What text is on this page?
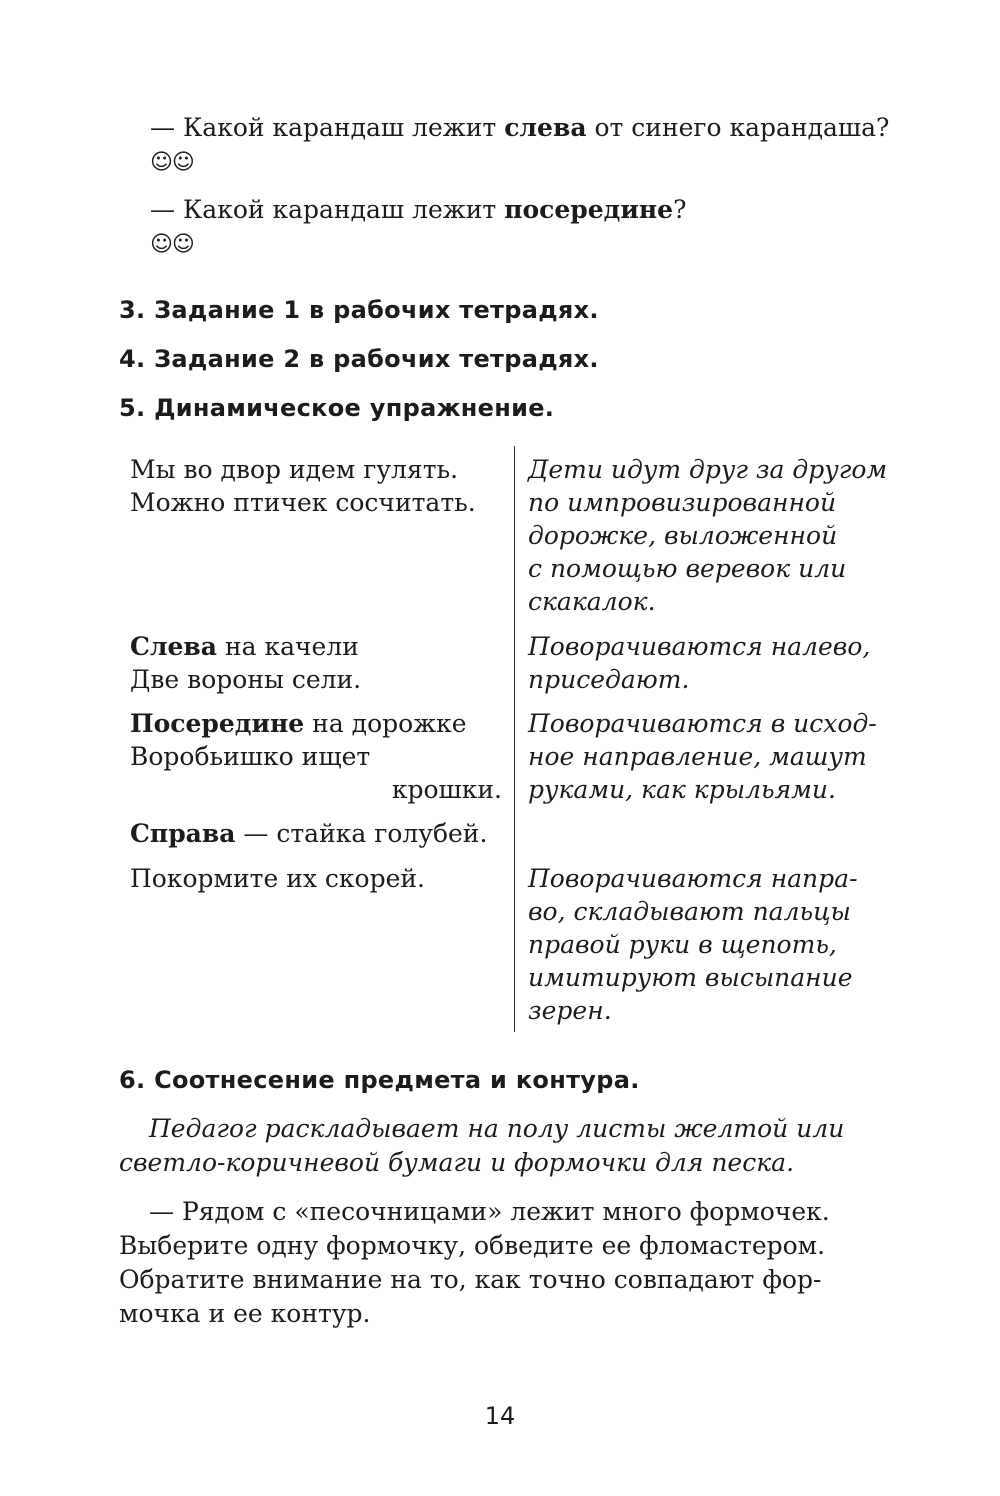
— Какой карандаш лежит слева от синего карандаша?
☺☺
— Какой карандаш лежит посередине?
☺☺
3. Задание 1 в рабочих тетрадях.
4. Задание 2 в рабочих тетрадях.
5. Динамическое упражнение.
Мы во двор идем гулять.
Можно птичек сосчитать.
Дети идут друг за другом
по импровизированной
дорожке, выложенной
с помощью веревок или
скакалок.
Слева на качели
Две вороны сели.
Поворачиваются налево,
приседают.
Посередине на дорожке
Воробьишко ищет
крошки.
Поворачиваются в исход-
ное направление, машут
руками, как крыльями.
Справа — стайка голубей.
Покормите их скорей.	Поворачиваются напра-
во, складывают пальцы
правой руки в щепоть,
имитируют высыпание
зерен.
6. Соотнесение предмета и контура.
Педагог раскладывает на полу листы желтой или
светло-коричневой бумаги и формочки для песка.
— Рядом с «песочницами» лежит много формочек.
Выберите одну формочку, обведите ее фломастером.
Обратите внимание на то, как точно совпадают фор-
мочка и ее контур.
14
